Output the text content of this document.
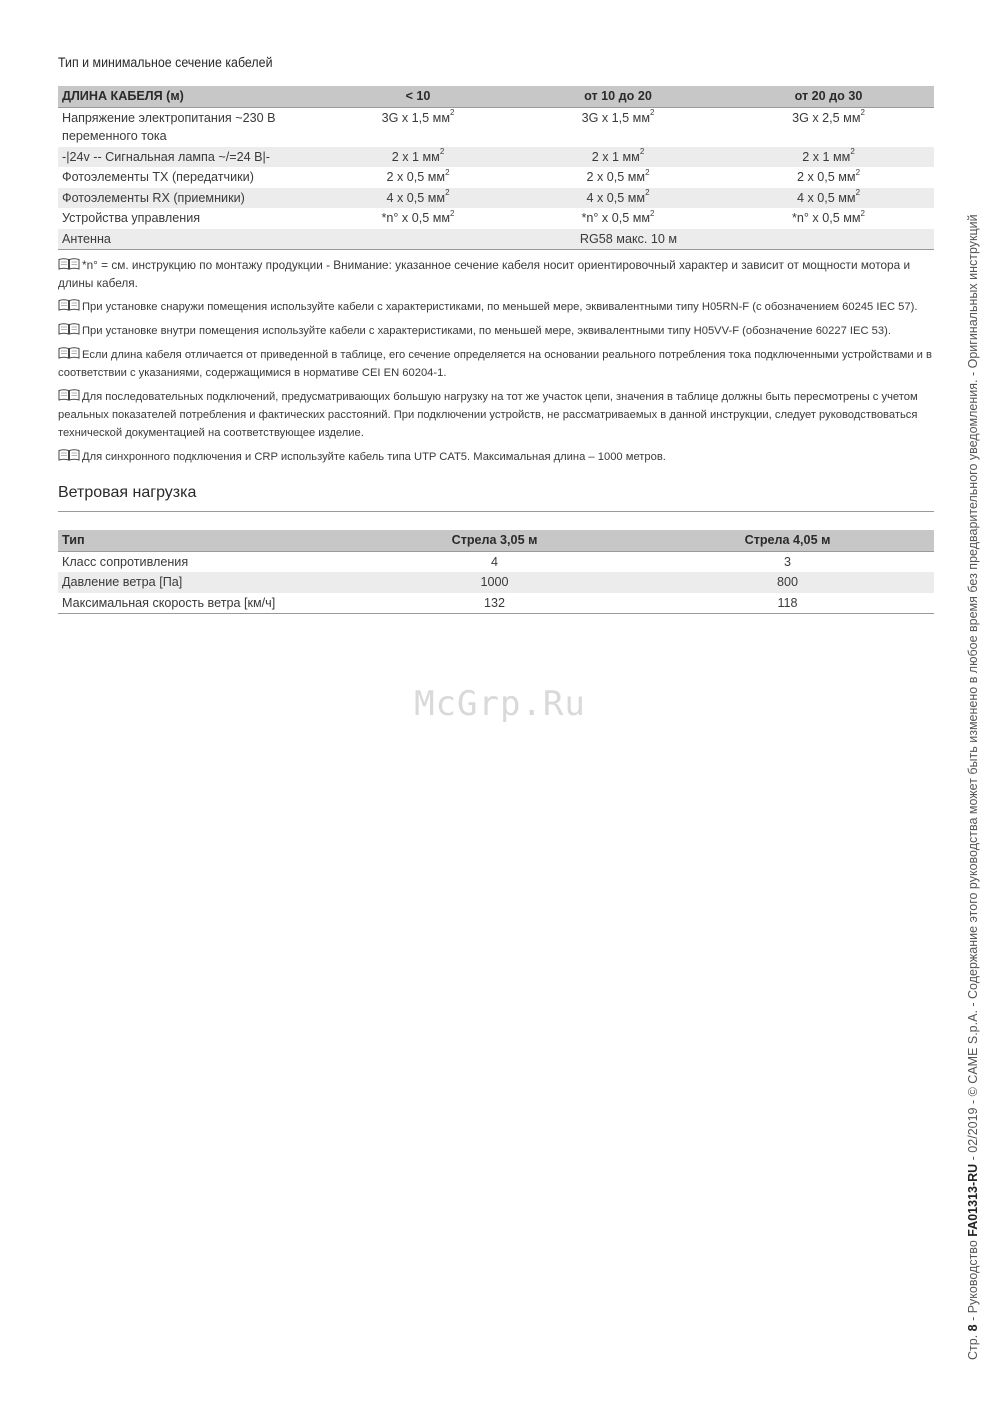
Тип и минимальное сечение кабелей
ДЛИНА КАБЕЛЯ (м)	< 10	от 10 до 20	от 20 до 30
Напряжение электропитания ~230 В переменного тока	3G x 1,5 $мм^2$	3G x 1,5 $мм^2$	3G x 2,5 $мм^2$
-|24v -- Сигнальная лампа ~/=24 В|-	2 x 1 $мм^2$	2 x 1 $мм^2$	2 x 1 $мм^2$
Фотоэлементы TX (передатчики)	2 x 0,5 $мм^2$	2 x 0,5 $мм^2$	2 x 0,5 $мм^2$
Фотоэлементы RX (приемники)	4 x 0,5 $мм^2$	4 x 0,5 $мм^2$	4 x 0,5 $мм^2$
Устройства управления	*n° x 0,5 $мм^2$	*n° x 0,5 $мм^2$	*n° x 0,5 $мм^2$
Антенна	RG58 макс. 10 м		

*n° = см. инструкцию по монтажу продукции - Внимание: указанное сечение кабеля носит ориентировочный характер и зависит от мощности мотора и длины кабеля.

При установке снаружи помещения используйте кабели с характеристиками, по меньшей мере, эквивалентными типу H05RN-F (с обозначением 60245 IEC 57).

При установке внутри помещения используйте кабели с характеристиками, по меньшей мере, эквивалентными типу H05VV-F (обозначение 60227 IEC 53).

Если длина кабеля отличается от приведенной в таблице, его сечение определяется на основании реального потребления тока подключенными устройствами и в соответствии с указаниями, содержащимися в нормативе CEI EN 60204-1.

Для последовательных подключений, предусматривающих большую нагрузку на тот же участок цепи, значения в таблице должны быть пересмотрены с учетом реальных показателей потребления и фактических расстояний. При подключении устройств, не рассматриваемых в данной инструкции, следует руководствоваться технической документацией на соответствующее изделие.

Для синхронного подключения и CRP используйте кабель типа UTP CAT5. Максимальная длина – 1000 метров.

Ветровая нагрузка
Тип	Стрела 3,05 м	Стрела 4,05 м
Класс сопротивления	4	3
Давление ветра [Па]	1000	800
Максимальная скорость ветра [км/ч]	132	118
McGrp.Ru
Стр. 8 - Руководство FA01313-RU - 02/2019 - © CAME S.p.A. - Содержание этого руководства может быть изменено в любое время без предварительного уведомления. - Оригинальных инструкций
